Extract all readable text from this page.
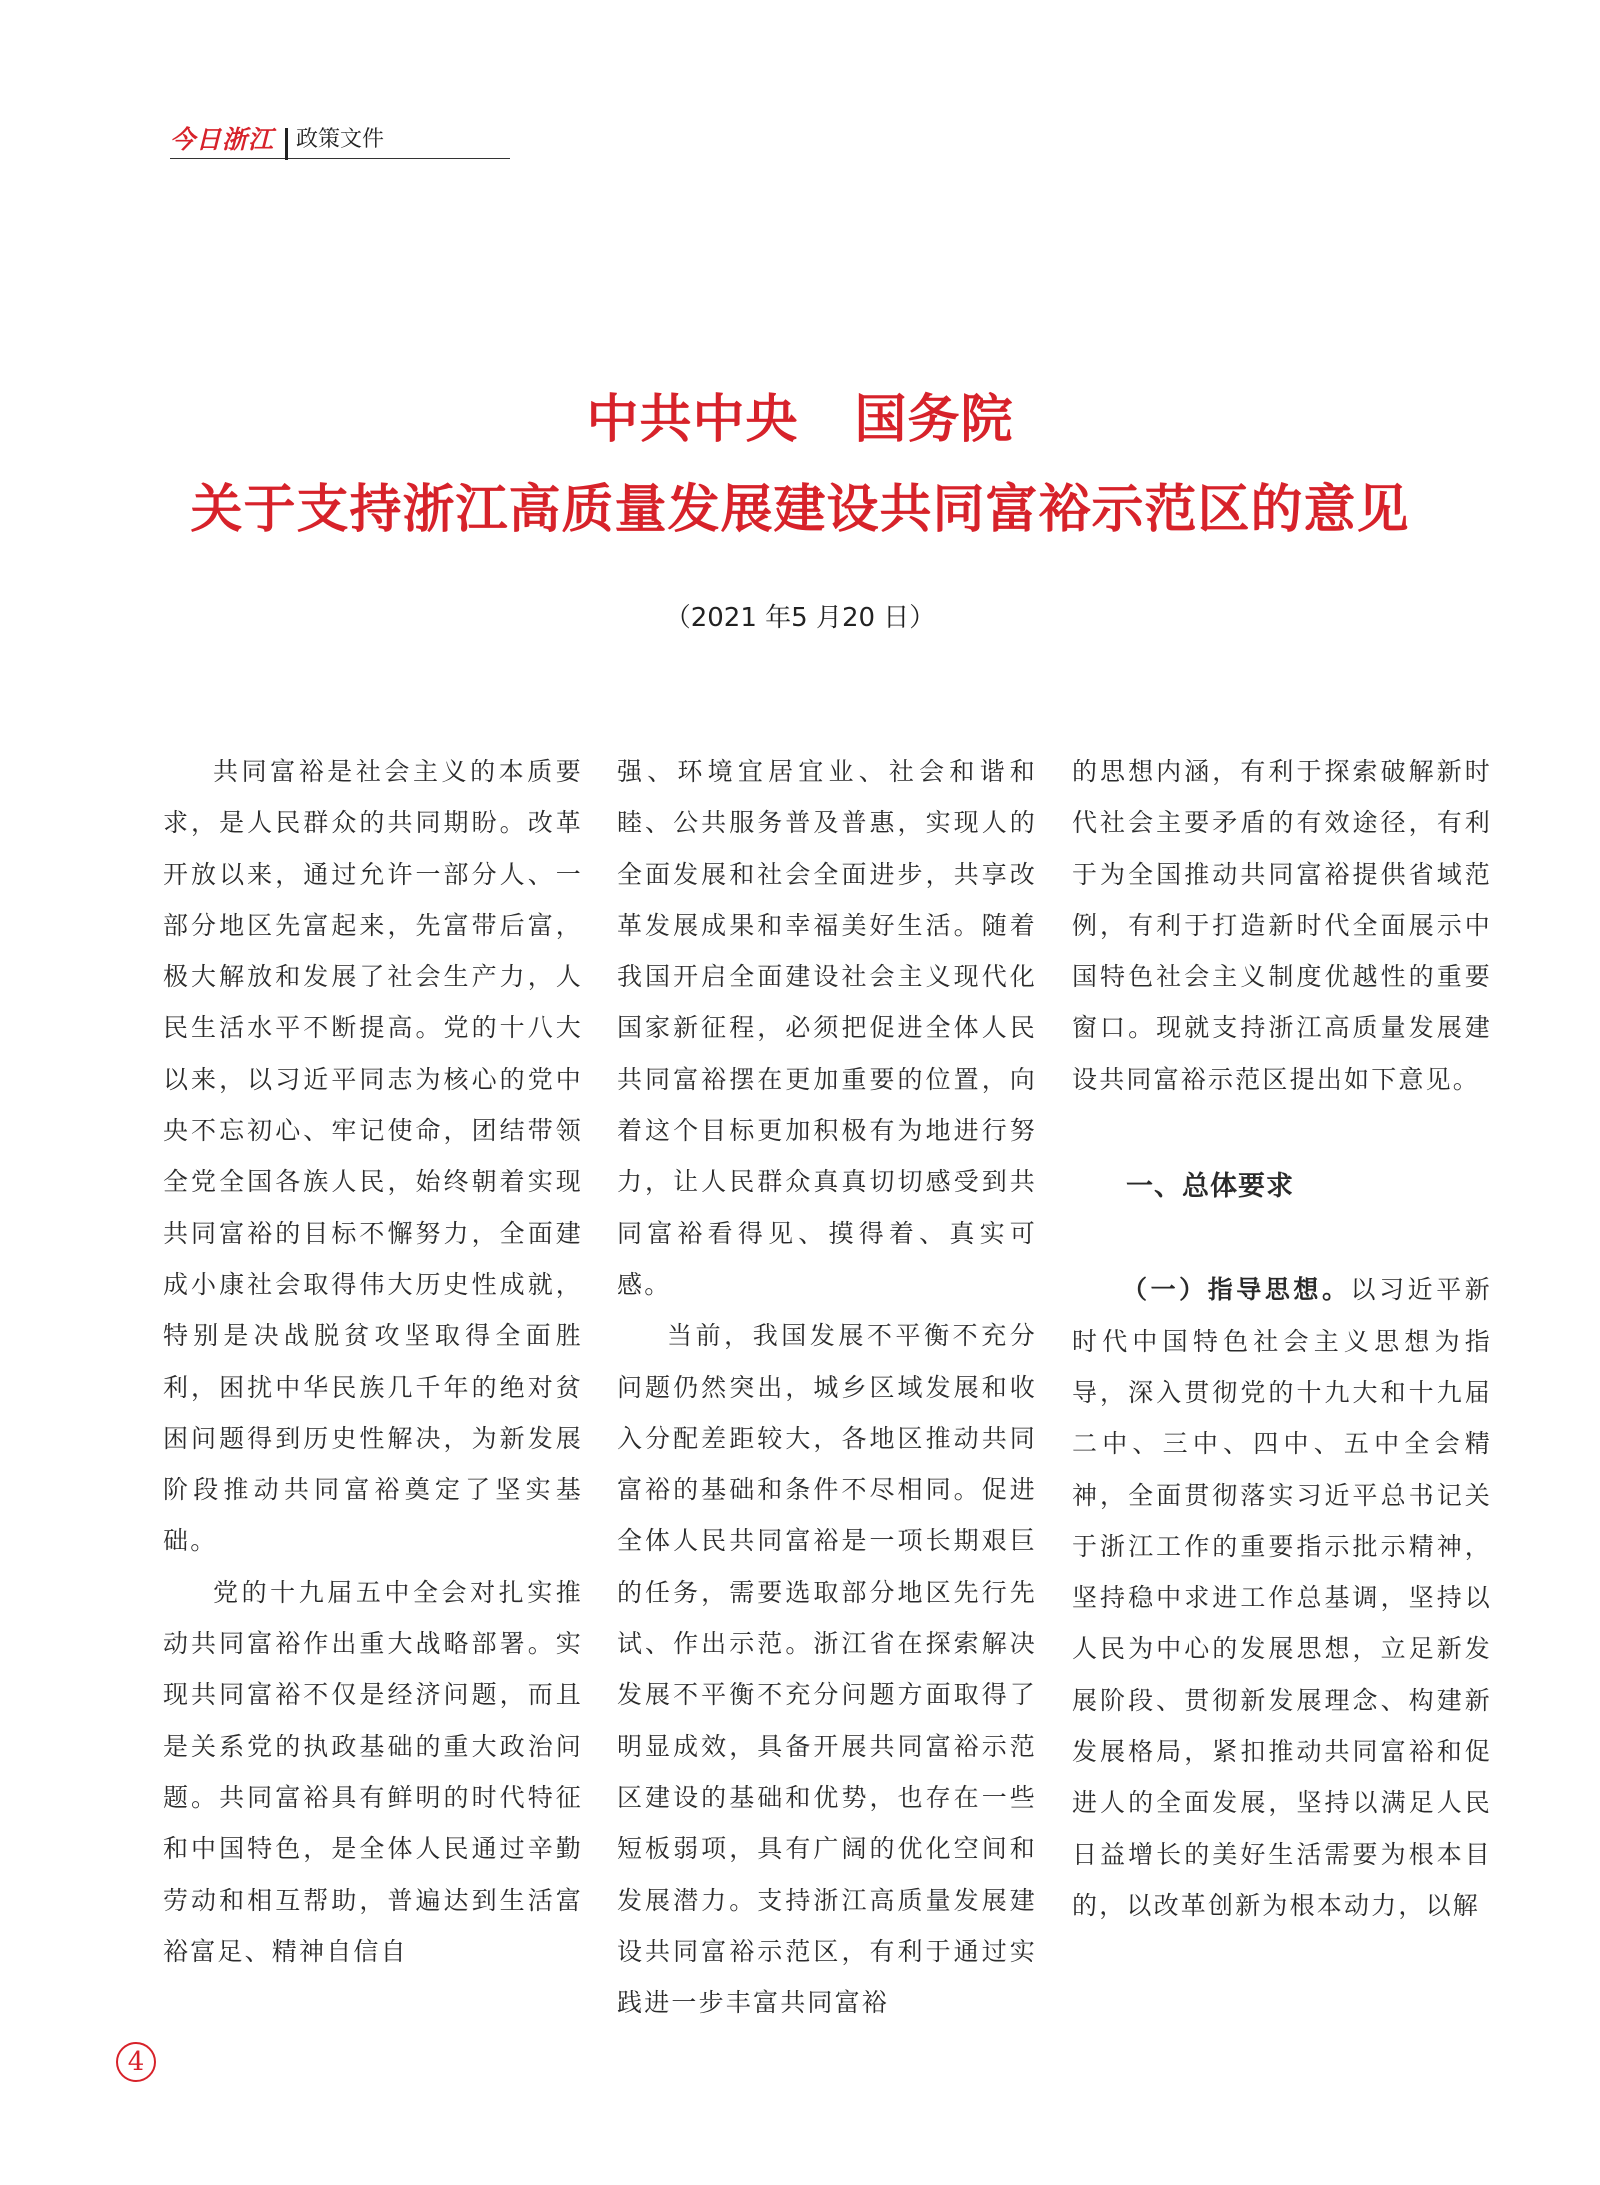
今日浙江 政策文件
中共中央 国务院
关于支持浙江高质量发展建设共同富裕示范区的意见
（2021 年5 月20 日）

共同富裕是社会主义的本质要求，是人民群众的共同期盼。改革开放以来，通过允许一部分人、一部分地区先富起来，先富带后富，极大解放和发展了社会生产力，人民生活水平不断提高。党的十八大以来，以习近平同志为核心的党中央不忘初心、牢记使命，团结带领全党全国各族人民，始终朝着实现共同富裕的目标不懈努力，全面建成小康社会取得伟大历史性成就，特别是决战脱贫攻坚取得全面胜利，困扰中华民族几千年的绝对贫困问题得到历史性解决，为新发展阶段推动共同富裕奠定了坚实基础。

党的十九届五中全会对扎实推动共同富裕作出重大战略部署。实现共同富裕不仅是经济问题，而且是关系党的执政基础的重大政治问题。共同富裕具有鲜明的时代特征和中国特色，是全体人民通过辛勤劳动和相互帮助，普遍达到生活富裕富足、精神自信自

强、环境宜居宜业、社会和谐和睦、公共服务普及普惠，实现人的全面发展和社会全面进步，共享改革发展成果和幸福美好生活。随着我国开启全面建设社会主义现代化国家新征程，必须把促进全体人民共同富裕摆在更加重要的位置，向着这个目标更加积极有为地进行努力，让人民群众真真切切感受到共同富裕看得见、摸得着、真实可感。

当前，我国发展不平衡不充分问题仍然突出，城乡区域发展和收入分配差距较大，各地区推动共同富裕的基础和条件不尽相同。促进全体人民共同富裕是一项长期艰巨的任务，需要选取部分地区先行先试、作出示范。浙江省在探索解决发展不平衡不充分问题方面取得了明显成效，具备开展共同富裕示范区建设的基础和优势，也存在一些短板弱项，具有广阔的优化空间和发展潜力。支持浙江高质量发展建设共同富裕示范区，有利于通过实践进一步丰富共同富裕

的思想内涵，有利于探索破解新时代社会主要矛盾的有效途径，有利于为全国推动共同富裕提供省域范例，有利于打造新时代全面展示中国特色社会主义制度优越性的重要窗口。现就支持浙江高质量发展建设共同富裕示范区提出如下意见。

一、总体要求

（一）指导思想。以习近平新时代中国特色社会主义思想为指导，深入贯彻党的十九大和十九届二中、三中、四中、五中全会精神，全面贯彻落实习近平总书记关于浙江工作的重要指示批示精神，坚持稳中求进工作总基调，坚持以人民为中心的发展思想，立足新发展阶段、贯彻新发展理念、构建新发展格局，紧扣推动共同富裕和促进人的全面发展，坚持以满足人民日益增长的美好生活需要为根本目的，以改革创新为根本动力，以解

4
